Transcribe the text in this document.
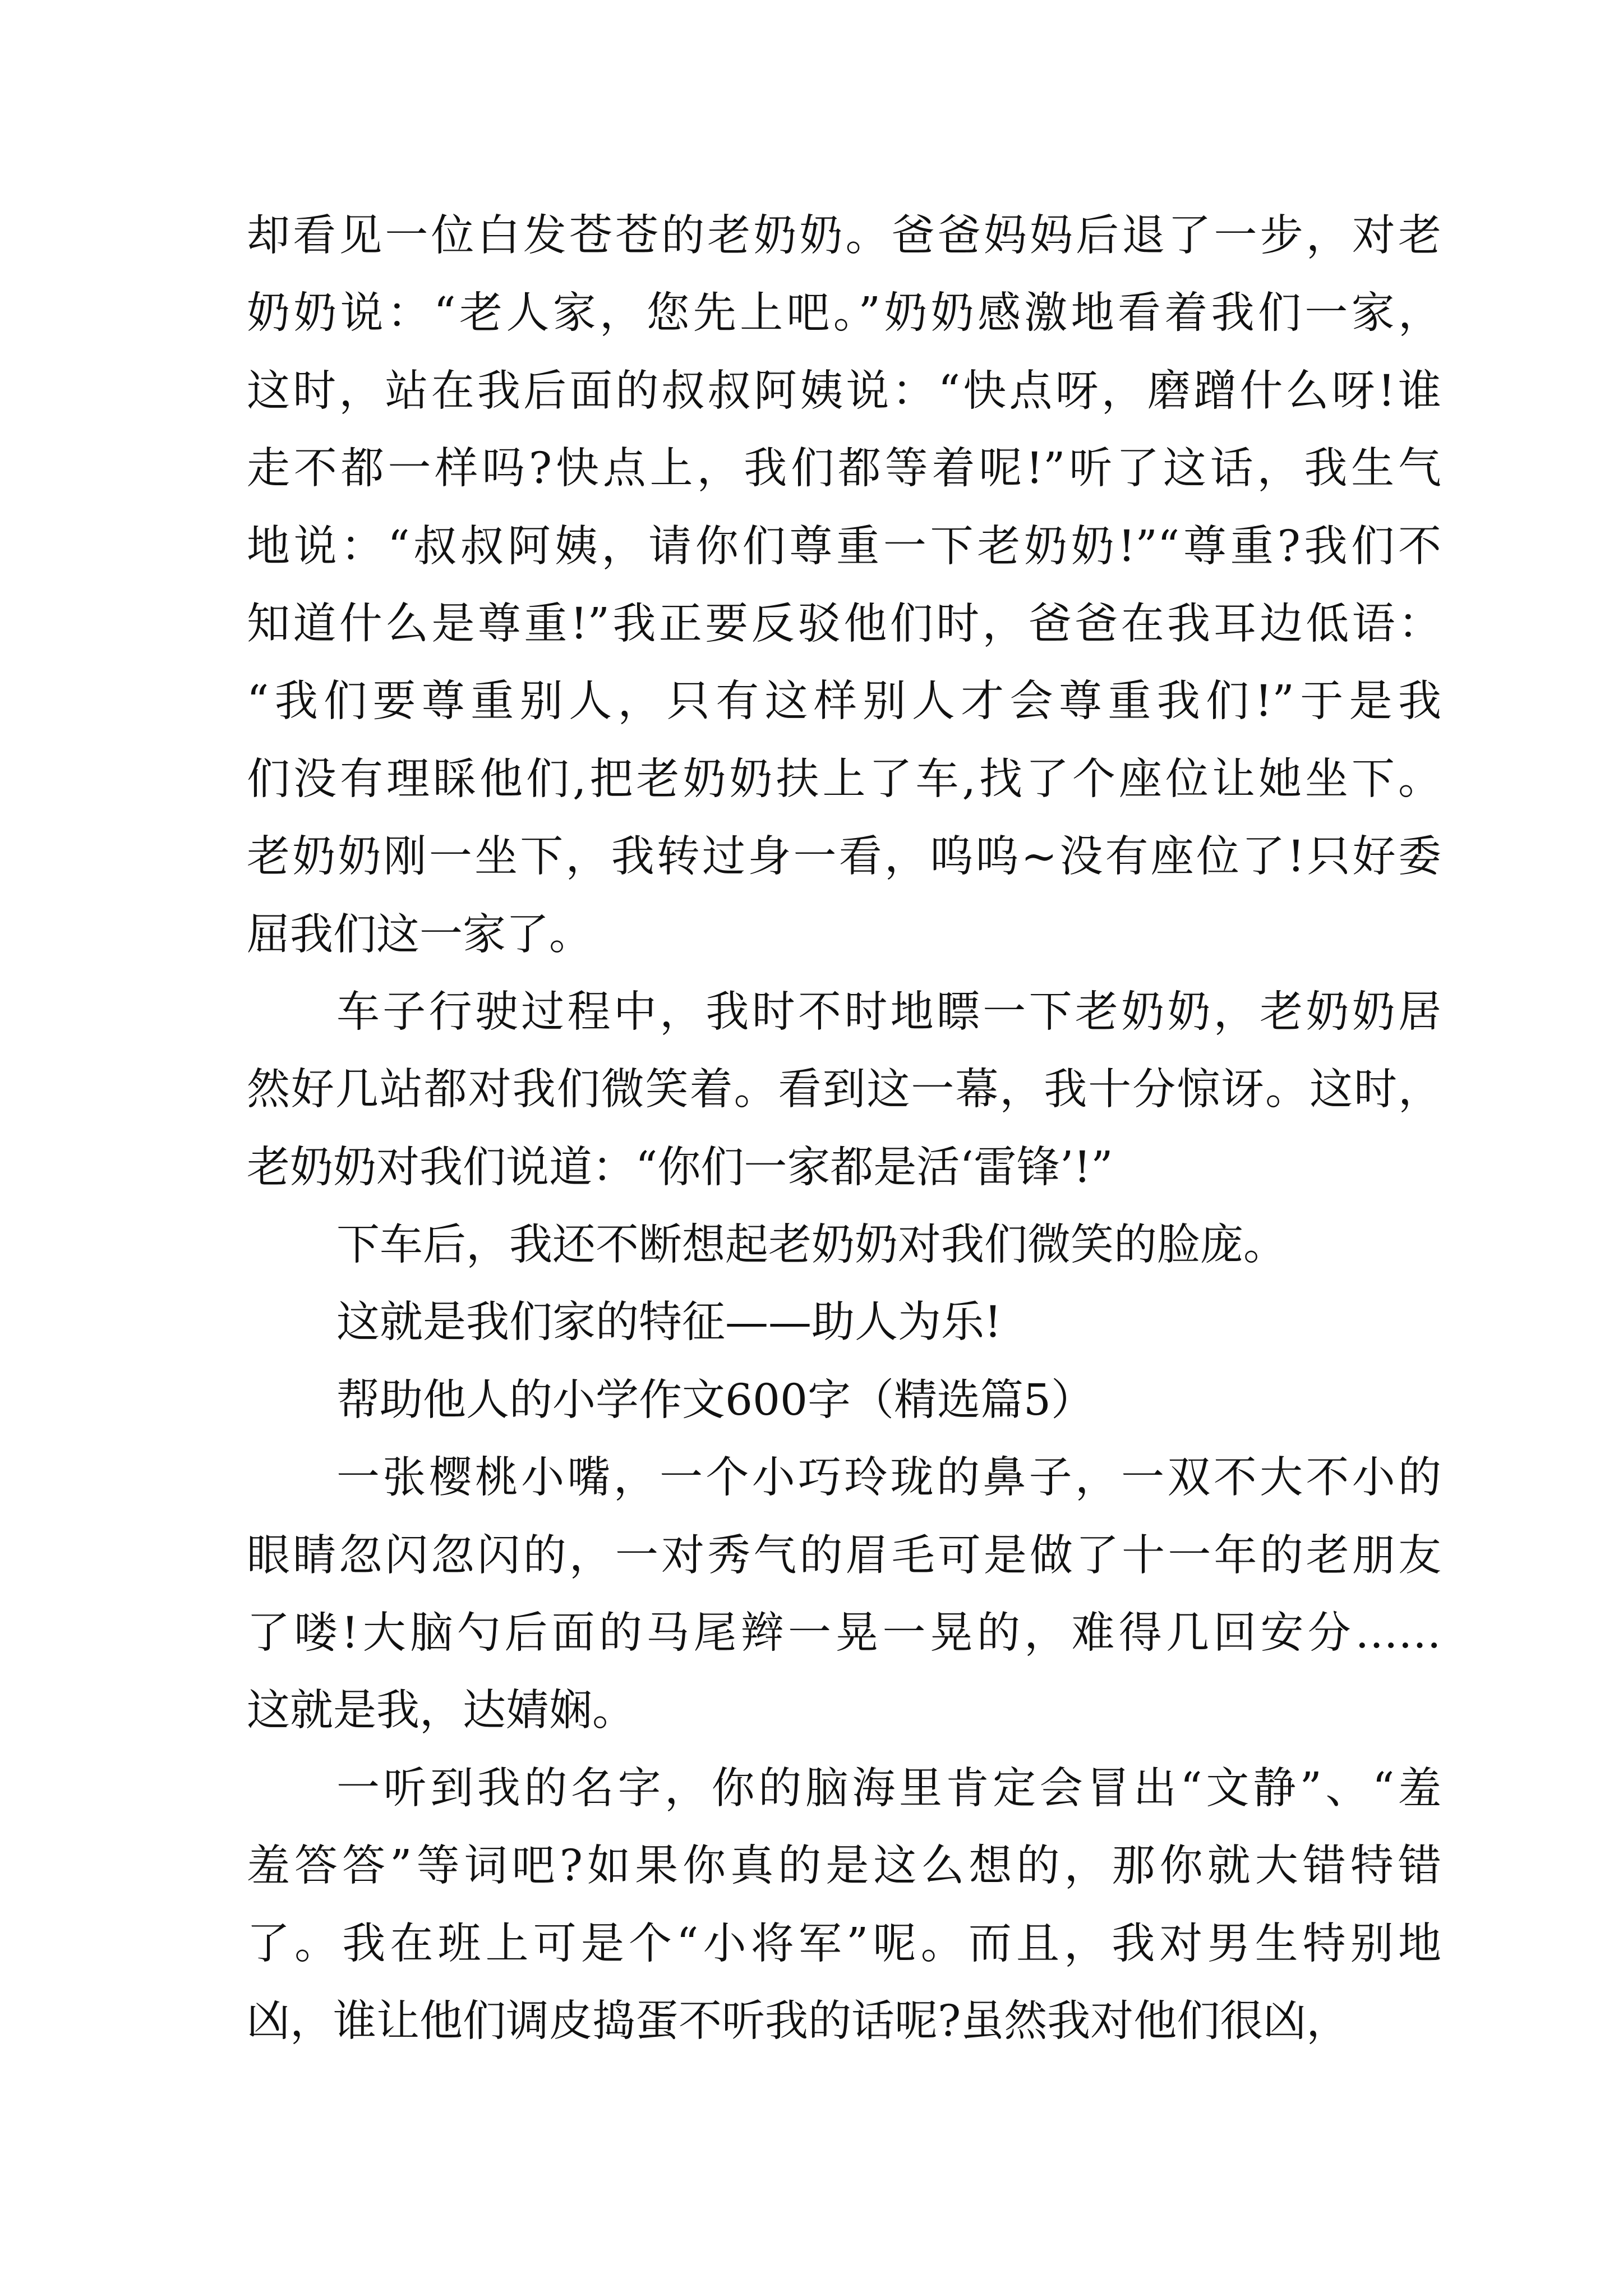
却看见一位白发苍苍的老奶奶。爸爸妈妈后退了一步，对老
奶奶说：“老人家，您先上吧。”奶奶感激地看着我们一家，
这时，站在我后面的叔叔阿姨说：“快点呀，磨蹭什么呀!谁
走不都一样吗?快点上，我们都等着呢!”听了这话，我生气
地说：“叔叔阿姨，请你们尊重一下老奶奶!”“尊重?我们不
知道什么是尊重!”我正要反驳他们时，爸爸在我耳边低语：
“我们要尊重别人，只有这样别人才会尊重我们!”于是我
们没有理睬他们,把老奶奶扶上了车,找了个座位让她坐下。
老奶奶刚一坐下，我转过身一看，呜呜~没有座位了!只好委
屈我们这一家了。
车子行驶过程中，我时不时地瞟一下老奶奶，老奶奶居
然好几站都对我们微笑着。看到这一幕，我十分惊讶。这时，
老奶奶对我们说道：“你们一家都是活‘雷锋’!”
下车后，我还不断想起老奶奶对我们微笑的脸庞。
这就是我们家的特征——助人为乐!
帮助他人的小学作文600字（精选篇5）
一张樱桃小嘴，一个小巧玲珑的鼻子，一双不大不小的
眼睛忽闪忽闪的，一对秀气的眉毛可是做了十一年的老朋友
了喽!大脑勺后面的马尾辫一晃一晃的，难得几回安分……
这就是我，达婧娴。
一听到我的名字，你的脑海里肯定会冒出“文静”、“羞
羞答答”等词吧?如果你真的是这么想的，那你就大错特错
了。我在班上可是个“小将军”呢。而且，我对男生特别地
凶，谁让他们调皮捣蛋不听我的话呢?虽然我对他们很凶，
